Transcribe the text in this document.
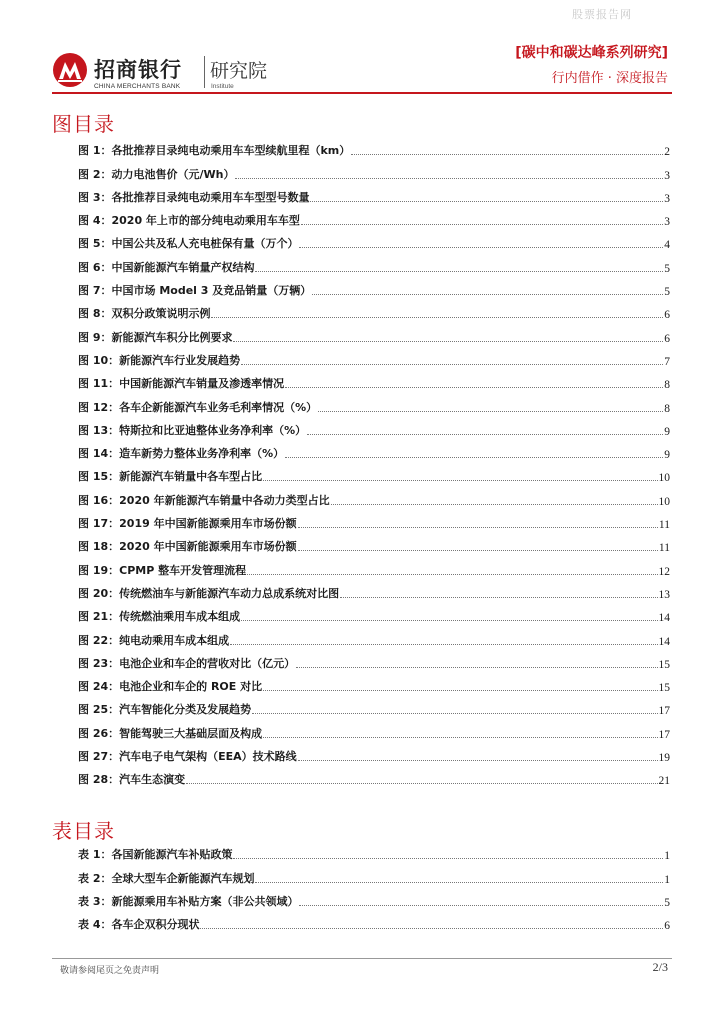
股票报告网
招商银行
CHINA MERCHANTS BANK
研究院
Institute
[碳中和碳达峰系列研究]
行内借作 · 深度报告
图目录
图 1：各批推荐目录纯电动乘用车车型续航里程（km）	2
图 2：动力电池售价（元/Wh）	3
图 3：各批推荐目录纯电动乘用车车型型号数量	3
图 4：2020 年上市的部分纯电动乘用车车型	3
图 5：中国公共及私人充电桩保有量（万个）	4
图 6：中国新能源汽车销量产权结构	5
图 7：中国市场 Model 3 及竞品销量（万辆）	5
图 8：双积分政策说明示例	6
图 9：新能源汽车积分比例要求	6
图 10：新能源汽车行业发展趋势	7
图 11：中国新能源汽车销量及渗透率情况	8
图 12：各车企新能源汽车业务毛利率情况（%）	8
图 13：特斯拉和比亚迪整体业务净利率（%）	9
图 14：造车新势力整体业务净利率（%）	9
图 15：新能源汽车销量中各车型占比	10
图 16：2020 年新能源汽车销量中各动力类型占比	10
图 17：2019 年中国新能源乘用车市场份额	11
图 18：2020 年中国新能源乘用车市场份额	11
图 19：CPMP 整车开发管理流程	12
图 20：传统燃油车与新能源汽车动力总成系统对比图	13
图 21：传统燃油乘用车成本组成	14
图 22：纯电动乘用车成本组成	14
图 23：电池企业和车企的营收对比（亿元）	15
图 24：电池企业和车企的 ROE 对比	15
图 25：汽车智能化分类及发展趋势	17
图 26：智能驾驶三大基础层面及构成	17
图 27：汽车电子电气架构（EEA）技术路线	19
图 28：汽车生态演变	21
表目录
表 1：各国新能源汽车补贴政策	1
表 2：全球大型车企新能源汽车规划	1
表 3：新能源乘用车补贴方案（非公共领域）	5
表 4：各车企双积分现状	6
敬请参阅尾页之免责声明	2/3
